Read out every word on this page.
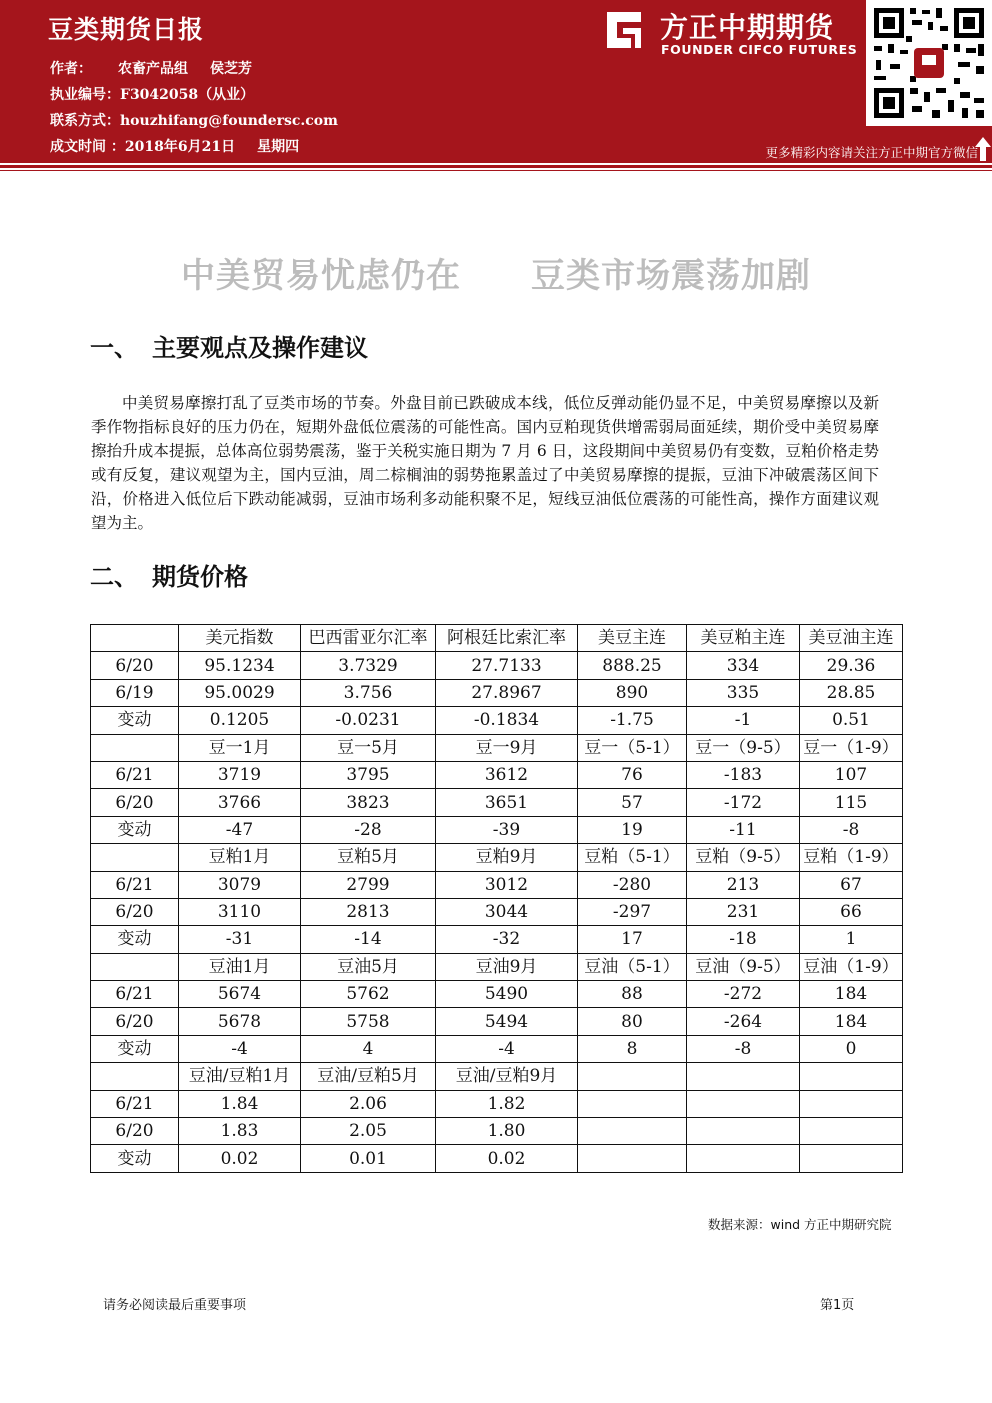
豆类期货日报
作者： 农畜产品组 侯芝芳
执业编号：F3042058（从业）
联系方式：houzhifang@foundersc.com
成文时间 ：2018年6月21日 星期四
方正中期期货
FOUNDER CIFCO FUTURES
更多精彩内容请关注方正中期官方微信
中美贸易忧虑仍在 豆类市场震荡加剧
一、 主要观点及操作建议

中美贸易摩擦打乱了豆类市场的节奏。外盘目前已跌破成本线，低位反弹动能仍显不足，中美贸易摩擦以及新季作物指标良好的压力仍在，短期外盘低位震荡的可能性高。国内豆粕现货供增需弱局面延续，期价受中美贸易摩擦抬升成本提振，总体高位弱势震荡，鉴于关税实施日期为 7 月 6 日，这段期间中美贸易仍有变数，豆粕价格走势或有反复，建议观望为主，国内豆油，周二棕榈油的弱势拖累盖过了中美贸易摩擦的提振，豆油下冲破震荡区间下沿，价格进入低位后下跌动能减弱，豆油市场利多动能积聚不足，短线豆油低位震荡的可能性高，操作方面建议观望为主。

二、 期货价格
	美元指数	巴西雷亚尔汇率	阿根廷比索汇率	美豆主连	美豆粕主连	美豆油主连
6/20	95.1234	3.7329	27.7133	888.25	334	29.36
6/19	95.0029	3.756	27.8967	890	335	28.85
变动	0.1205	-0.0231	-0.1834	-1.75	-1	0.51
	豆一1月	豆一5月	豆一9月	豆一（5-1）	豆一（9-5）	豆一（1-9）
6/21	3719	3795	3612	76	-183	107
6/20	3766	3823	3651	57	-172	115
变动	-47	-28	-39	19	-11	-8
	豆粕1月	豆粕5月	豆粕9月	豆粕（5-1）	豆粕（9-5）	豆粕（1-9）
6/21	3079	2799	3012	-280	213	67
6/20	3110	2813	3044	-297	231	66
变动	-31	-14	-32	17	-18	1
	豆油1月	豆油5月	豆油9月	豆油（5-1）	豆油（9-5）	豆油（1-9）
6/21	5674	5762	5490	88	-272	184
6/20	5678	5758	5494	80	-264	184
变动	-4	4	-4	8	-8	0
	豆油/豆粕1月	豆油/豆粕5月	豆油/豆粕9月			
6/21	1.84	2.06	1.82			
6/20	1.83	2.05	1.80			
变动	0.02	0.01	0.02			
数据来源：wind 方正中期研究院
请务必阅读最后重要事项	第1页
